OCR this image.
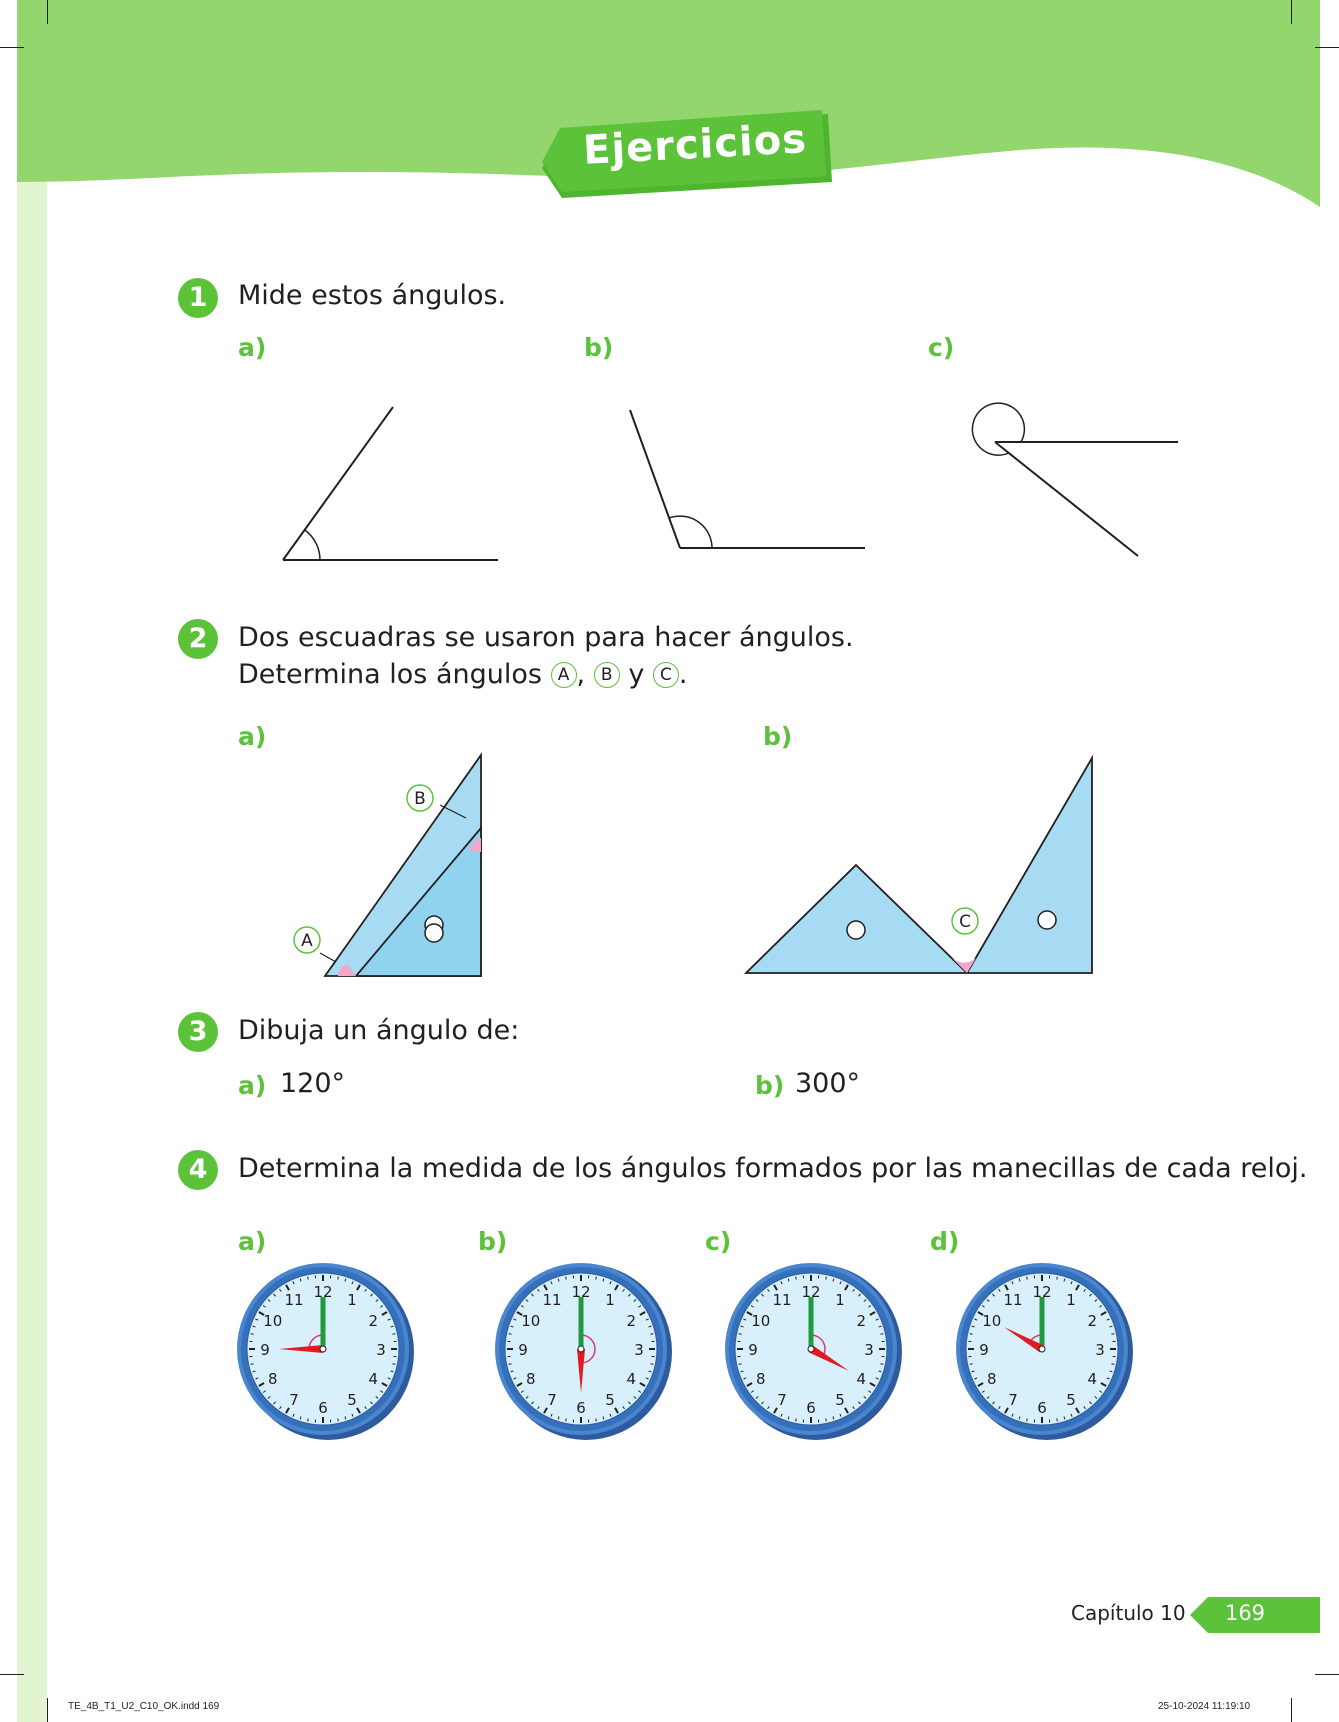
Ejercicios
1	Mide estos ángulos.
a)	b)	c)
2	Dos escuadras se usaron para hacer ángulos.
Determina los ángulos A , B y C .
a)	b)
B
A
C
3	Dibuja un ángulo de:
a) 120°	b) 300°
4	Determina la medida de los ángulos formados por las manecillas de cada reloj.
a)	b)	c)	d)
12 1
2
3
4
5
6
7
8
9
10
11	12 1
2
3
4
5
6
7
8
9
10
11	12 1
2
3
4
5
6
7
8
9
10
11	12 1
2
3
4
5
6
7
8
9
10
11
Capítulo 10	169
TE_4B_T1_U2_C10_OK.indd 169	25-10-2024 11:19:10
